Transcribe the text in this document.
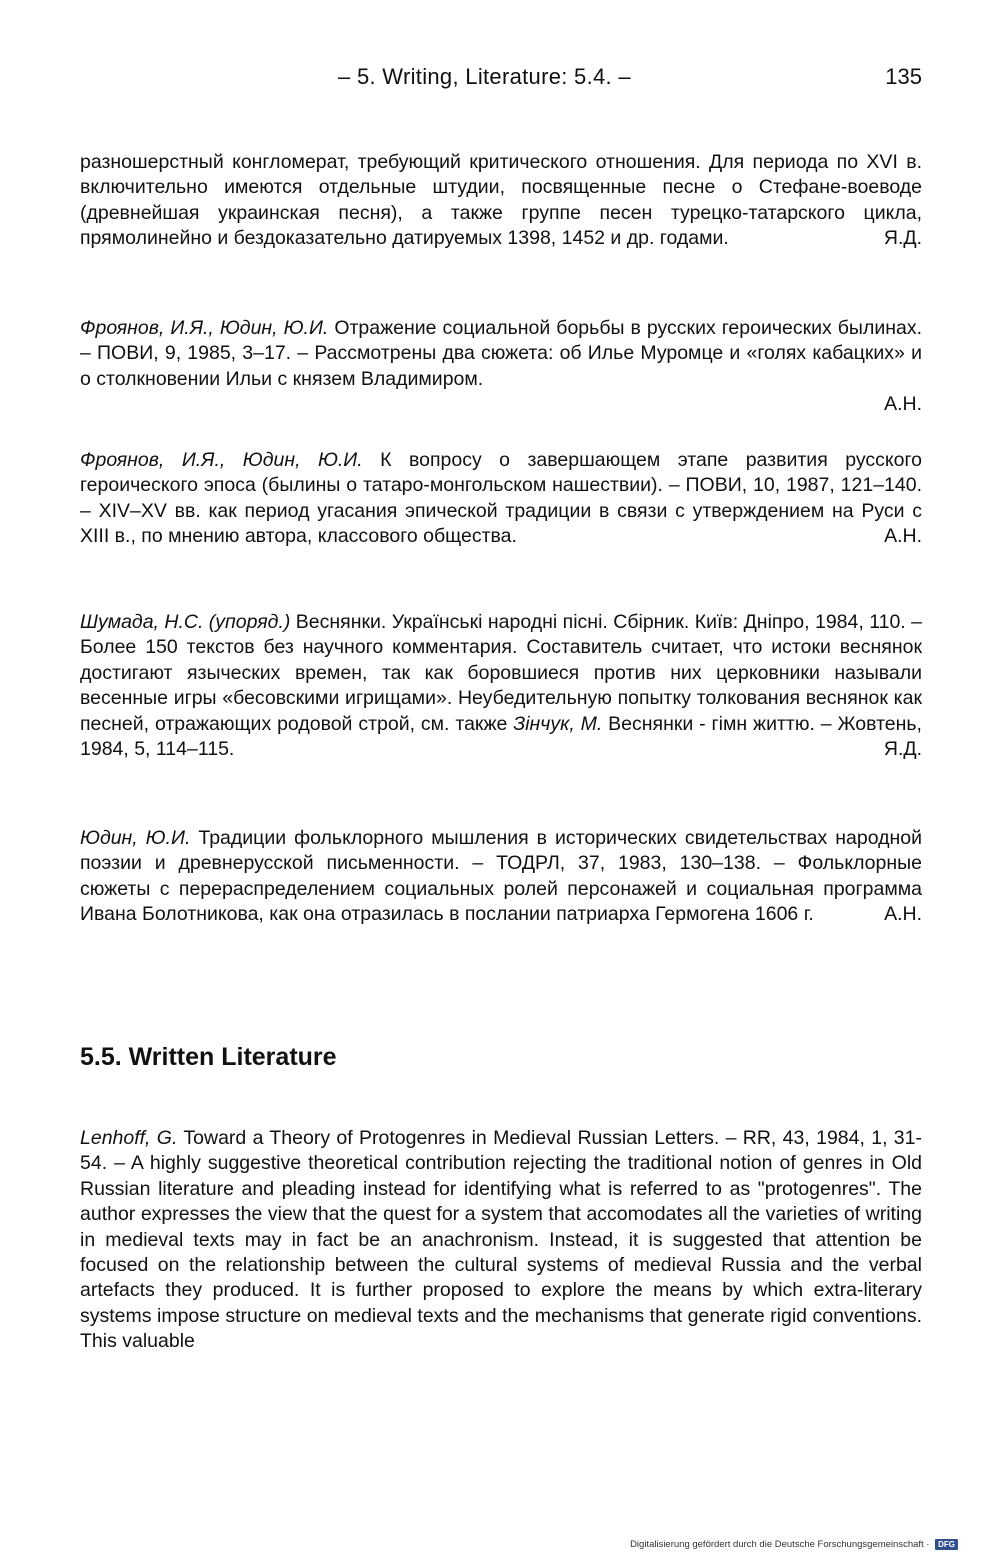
– 5. Writing, Literature: 5.4. –	135

разношерстный конгломерат, требующий критического отношения. Для периода по XVI в. включительно имеются отдельные штудии, посвященные песне о Стефане-воеводе (древнейшая украинская песня), а также группе песен турецко-татарского цикла, прямолинейно и бездоказательно датируемых 1398, 1452 и др. годами.	Я.Д.

Фроянов, И.Я., Юдин, Ю.И. Отражение социальной борьбы в русских героических былинах. – ПОВИ, 9, 1985, 3–17. – Рассмотрены два сюжета: об Илье Муромце и «голях кабацких» и о столкновении Ильи с князем Владимиром.

А.Н.

Фроянов, И.Я., Юдин, Ю.И. К вопросу о завершающем этапе развития русского героического эпоса (былины о татаро-монгольском нашествии). – ПОВИ, 10, 1987, 121–140. – XIV–XV вв. как период угасания эпической традиции в связи с утверждением на Руси с XIII в., по мнению автора, классового общества.	А.Н.

Шумада, Н.С. (упоряд.) Веснянки. Українські народні пісні. Сбірник. Київ: Дніпро, 1984, 110. – Более 150 текстов без научного комментария. Составитель считает, что истоки веснянок достигают языческих времен, так как боровшиеся против них церковники называли весенные игры «бесовскими игрищами». Неубедительную попытку толкования веснянок как песней, отражающих родовой строй, см. также Зінчук, М. Веснянки - гімн життю. – Жовтень, 1984, 5, 114–115.	Я.Д.

Юдин, Ю.И. Традиции фольклорного мышления в исторических свидетельствах народной поэзии и древнерусской письменности. – ТОДРЛ, 37, 1983, 130–138. – Фольклорные сюжеты с перераспределением социальных ролей персонажей и социальная программа Ивана Болотникова, как она отразилась в послании патриарха Гермогена 1606 г.	А.Н.

Lenhoff, G. Toward a Theory of Protogenres in Medieval Russian Letters. – RR, 43, 1984, 1, 31-54. – A highly suggestive theoretical contribution rejecting the traditional notion of genres in Old Russian literature and pleading instead for identifying what is referred to as "protogenres". The author expresses the view that the quest for a system that accomodates all the varieties of writing in medieval texts may in fact be an anachronism. Instead, it is suggested that attention be focused on the relationship between the cultural systems of medieval Russia and the verbal artefacts they produced. It is further proposed to explore the means by which extra-literary systems impose structure on medieval texts and the mechanisms that generate rigid conventions. This valuable

5.5. Written Literature
Digitalisierung gefördert durch die Deutsche Forschungsgemeinschaft · DFG
